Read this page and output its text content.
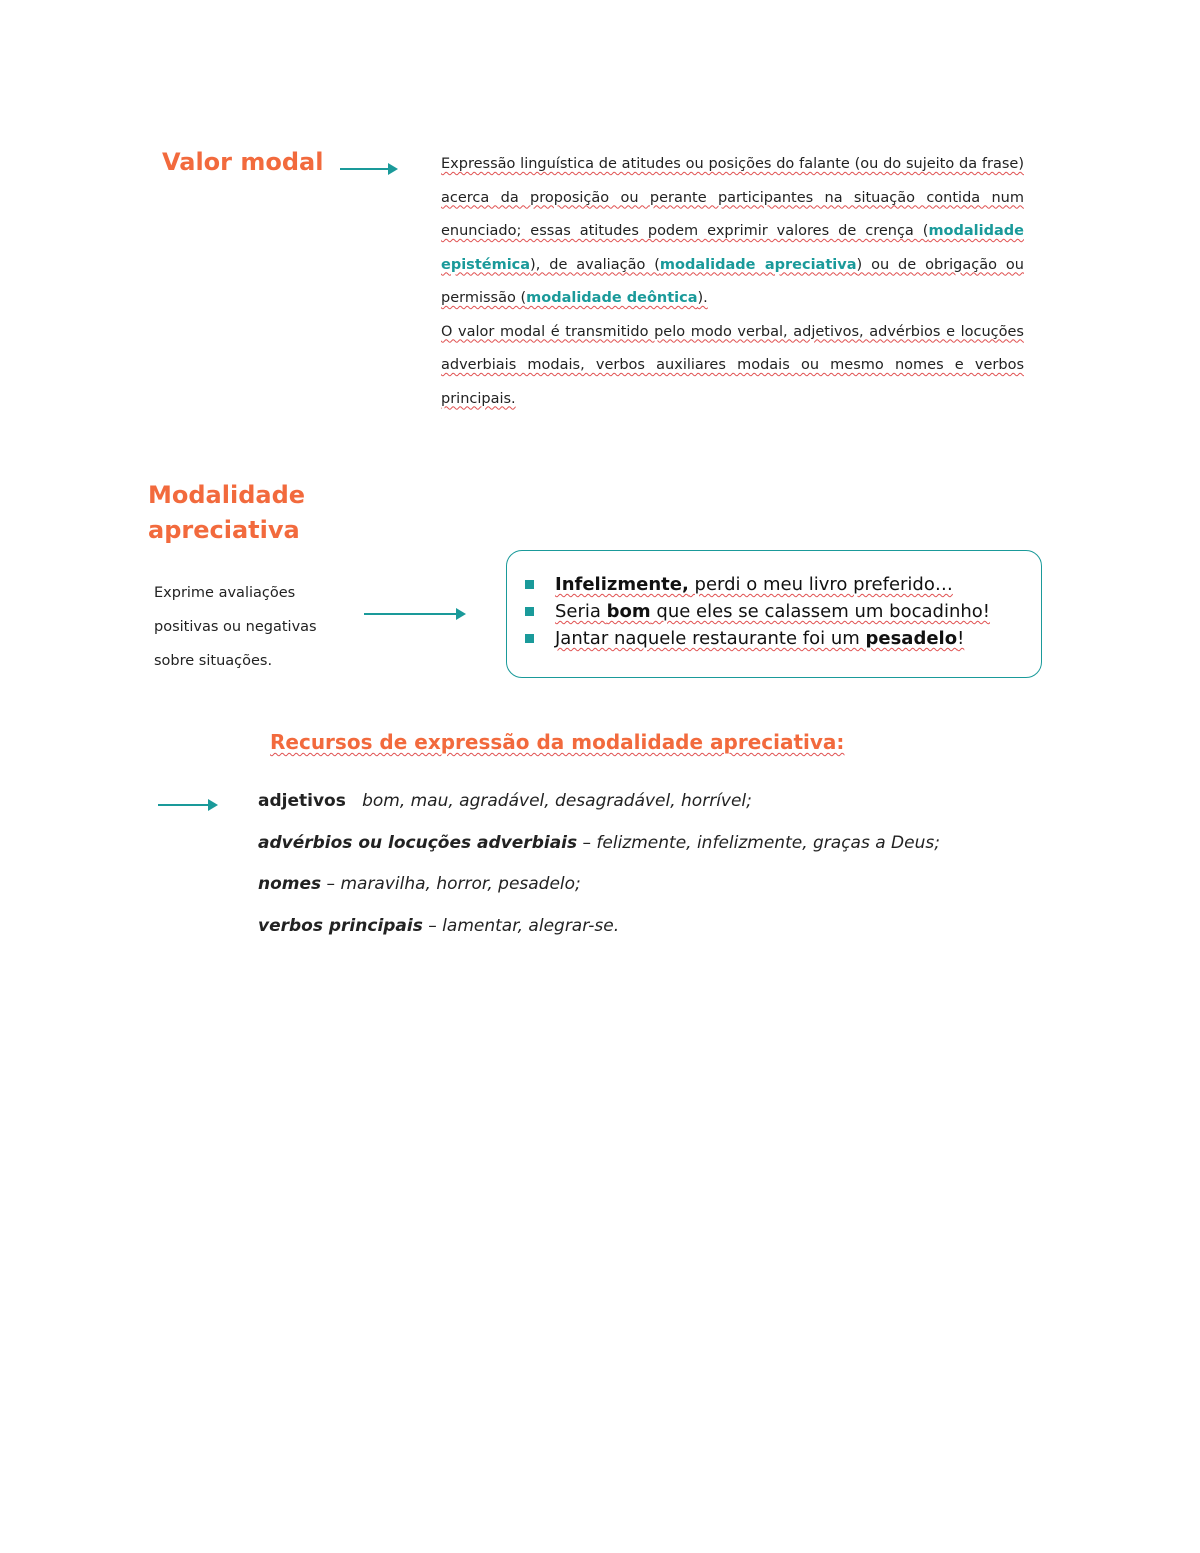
Valor modal	Expressão linguística de atitudes ou posições do falante (ou do sujeito da frase) acerca da proposição ou perante participantes na situação contida num enunciado; essas atitudes podem exprimir valores de crença (modalidade epistémica), de avaliação (modalidade apreciativa) ou de obrigação ou permissão (modalidade deôntica).

O valor modal é transmitido pelo modo verbal, adjetivos, advérbios e locuções adverbiais modais, verbos auxiliares modais ou mesmo nomes e verbos principais.

Modalidade apreciativa
Exprime avaliações positivas ou negativas sobre situações.
Infelizmente, perdi o meu livro preferido…
Seria bom que eles se calassem um bocadinho!
Jantar naquele restaurante foi um pesadelo!
Recursos de expressão da modalidade apreciativa:
adjetivos bom, mau, agradável, desagradável, horrível;
advérbios ou locuções adverbiais – felizmente, infelizmente, graças a Deus;
nomes – maravilha, horror, pesadelo;
verbos principais – lamentar, alegrar-se.
